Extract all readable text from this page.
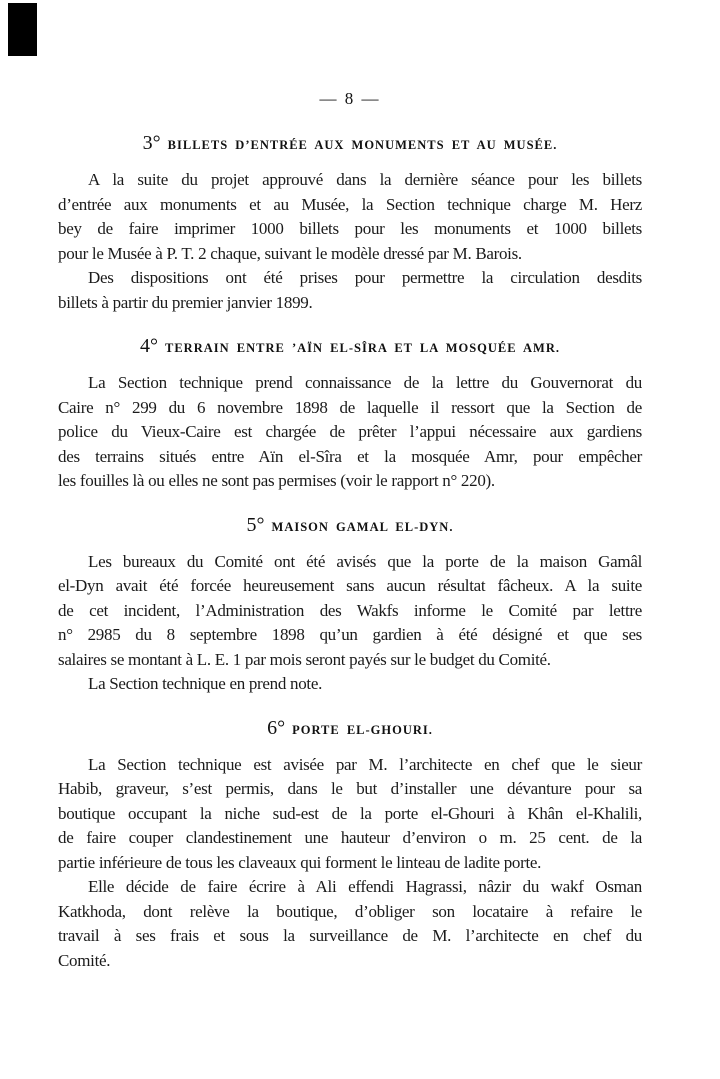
— 8 —
3° BILLETS D’ENTRÉE AUX MONUMENTS ET AU MUSÉE.
A la suite du projet approuvé dans la dernière séance pour les billets
d’entrée aux monuments et au Musée, la Section technique charge M. Herz
bey de faire imprimer 1000 billets pour les monuments et 1000 billets
pour le Musée à P. T. 2 chaque, suivant le modèle dressé par M. Barois.
Des dispositions ont été prises pour permettre la circulation desdits
billets à partir du premier janvier 1899.
4° TERRAIN ENTRE ’AÏN EL-SÎRA ET LA MOSQUÉE AMR.
La Section technique prend connaissance de la lettre du Gouvernorat du
Caire n° 299 du 6 novembre 1898 de laquelle il ressort que la Section de
police du Vieux-Caire est chargée de prêter l’appui nécessaire aux gardiens
des terrains situés entre Aïn el-Sîra et la mosquée Amr, pour empêcher
les fouilles là ou elles ne sont pas permises (voir le rapport n° 220).
5° MAISON GAMAL EL-DYN.
Les bureaux du Comité ont été avisés que la porte de la maison Gamâl
el-Dyn avait été forcée heureusement sans aucun résultat fâcheux. A la suite
de cet incident, l’Administration des Wakfs informe le Comité par lettre
n° 2985 du 8 septembre 1898 qu’un gardien à été désigné et que ses
salaires se montant à L. E. 1 par mois seront payés sur le budget du Comité.
La Section technique en prend note.
6° PORTE EL-GHOURI.
La Section technique est avisée par M. l’architecte en chef que le sieur
Habib, graveur, s’est permis, dans le but d’installer une dévanture pour sa
boutique occupant la niche sud-est de la porte el-Ghouri à Khân el-Khalili,
de faire couper clandestinement une hauteur d’environ o m. 25 cent. de la
partie inférieure de tous les claveaux qui forment le linteau de ladite porte.
Elle décide de faire écrire à Ali effendi Hagrassi, nâzir du wakf Osman
Katkhoda, dont relève la boutique, d’obliger son locataire à refaire le
travail à ses frais et sous la surveillance de M. l’architecte en chef du
Comité.
